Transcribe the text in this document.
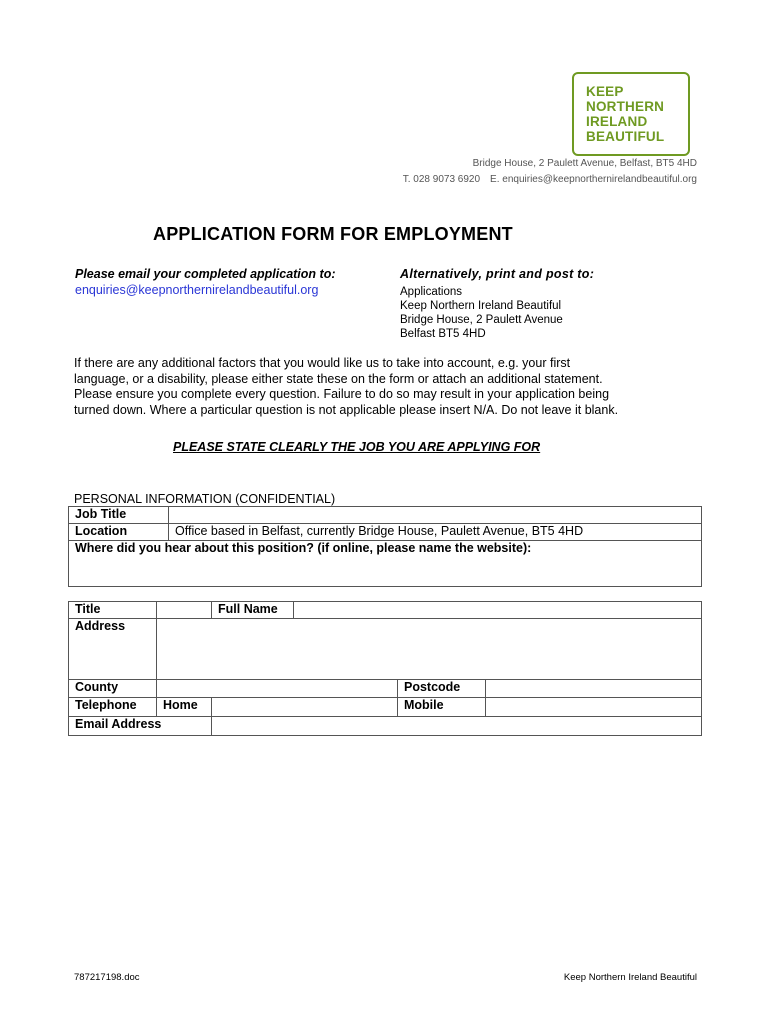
KEEP
NORTHERN
IRELAND
BEAUTIFUL
Bridge House, 2 Paulett Avenue, Belfast, BT5 4HD
T. 028 9073 6920 E. enquiries@keepnorthernirelandbeautiful.org
APPLICATION FORM FOR EMPLOYMENT
Please email your completed application to:
enquiries@keepnorthernirelandbeautiful.org
Alternatively, print and post to:
Applications
Keep Northern Ireland Beautiful
Bridge House, 2 Paulett Avenue
Belfast BT5 4HD
If there are any additional factors that you would like us to take into account, e.g. your first
language, or a disability, please either state these on the form or attach an additional statement.
Please ensure you complete every question. Failure to do so may result in your application being
turned down. Where a particular question is not applicable please insert N/A. Do not leave it blank.
PLEASE STATE CLEARLY THE JOB YOU ARE APPLYING FOR
PERSONAL INFORMATION (CONFIDENTIAL)
Job Title	
Location	Office based in Belfast, currently Bridge House, Paulett Avenue, BT5 4HD
Where did you hear about this position? (if online, please name the website):	
Title		Full Name			
Address					
County				Postcode	
Telephone	Home			Mobile	
Email Address					
787217198.doc	Keep Northern Ireland Beautiful
